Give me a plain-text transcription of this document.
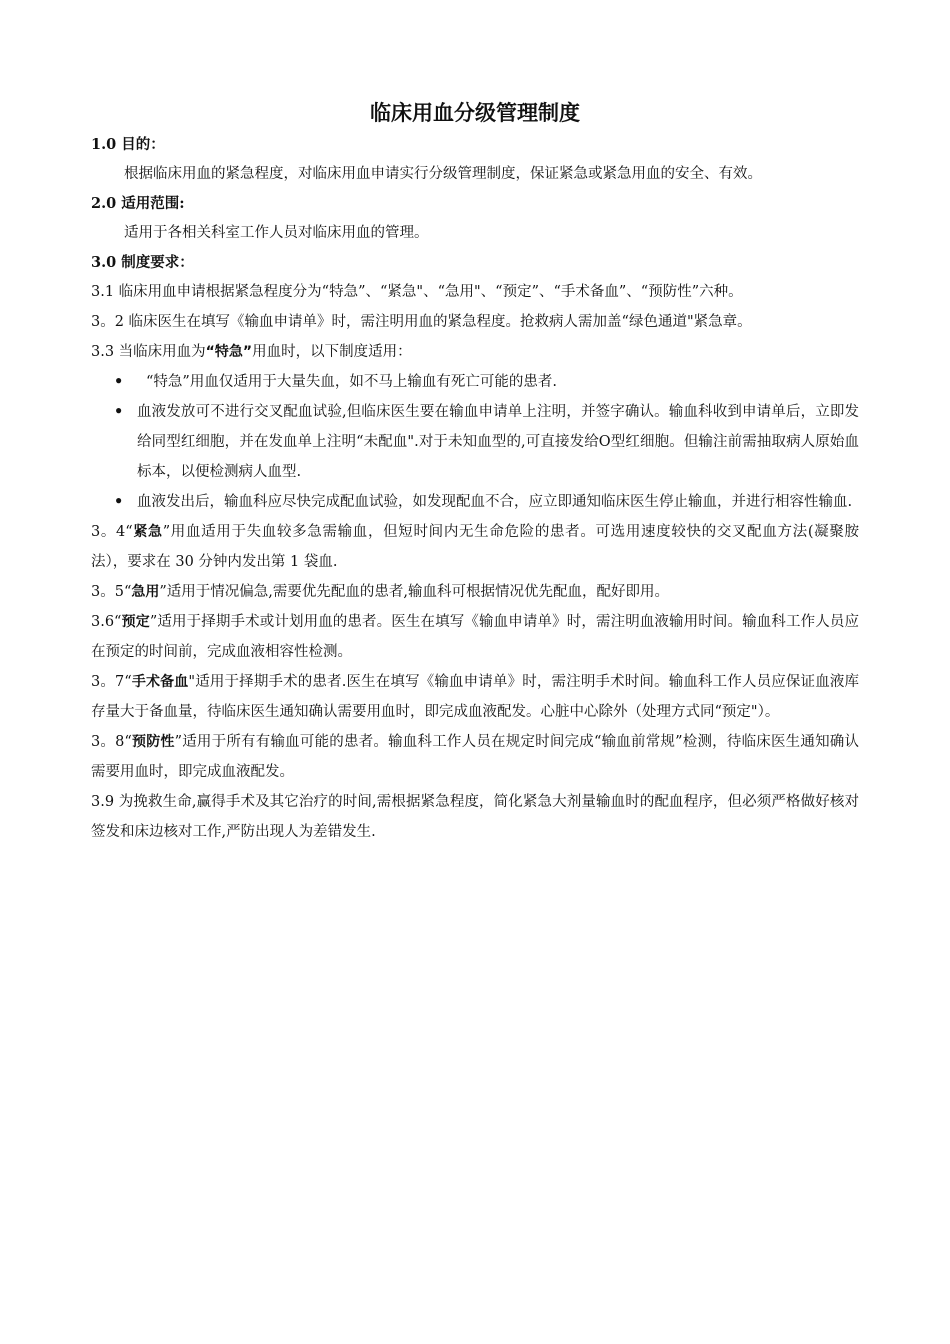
临床用血分级管理制度

1.0 目的：

根据临床用血的紧急程度，对临床用血申请实行分级管理制度，保证紧急或紧急用血的安全、有效。

2.0 适用范围:

适用于各相关科室工作人员对临床用血的管理。

3.0 制度要求：

3.1 临床用血申请根据紧急程度分为“特急”、“紧急"、“急用"、“预定”、“手术备血”、“预防性”六种。

3。2 临床医生在填写《输血申请单》时，需注明用血的紧急程度。抢救病人需加盖“绿色通道"紧急章。

3.3 当临床用血为“特急”用血时，以下制度适用：

• “特急”用血仅适用于大量失血，如不马上输血有死亡可能的患者.
• 血液发放可不进行交叉配血试验,但临床医生要在输血申请单上注明，并签字确认。输血科收到申请单后，立即发给同型红细胞，并在发血单上注明“未配血".对于未知血型的,可直接发给O型红细胞。但输注前需抽取病人原始血标本，以便检测病人血型.
• 血液发出后，输血科应尽快完成配血试验，如发现配血不合，应立即通知临床医生停止输血，并进行相容性输血.

3。4“紧急”用血适用于失血较多急需输血，但短时间内无生命危险的患者。可选用速度较快的交叉配血方法(凝聚胺法），要求在 30 分钟内发出第 1 袋血.

3。5“急用”适用于情况偏急,需要优先配血的患者,输血科可根据情况优先配血，配好即用。

3.6“预定”适用于择期手术或计划用血的患者。医生在填写《输血申请单》时，需注明血液输用时间。输血科工作人员应在预定的时间前，完成血液相容性检测。

3。7“手术备血"适用于择期手术的患者.医生在填写《输血申请单》时，需注明手术时间。输血科工作人员应保证血液库存量大于备血量，待临床医生通知确认需要用血时，即完成血液配发。心脏中心除外（处理方式同“预定"）。

3。8“预防性”适用于所有有输血可能的患者。输血科工作人员在规定时间完成“输血前常规”检测，待临床医生通知确认需要用血时，即完成血液配发。

3.9 为挽救生命,赢得手术及其它治疗的时间,需根据紧急程度，简化紧急大剂量输血时的配血程序，但必须严格做好核对签发和床边核对工作,严防出现人为差错发生.
